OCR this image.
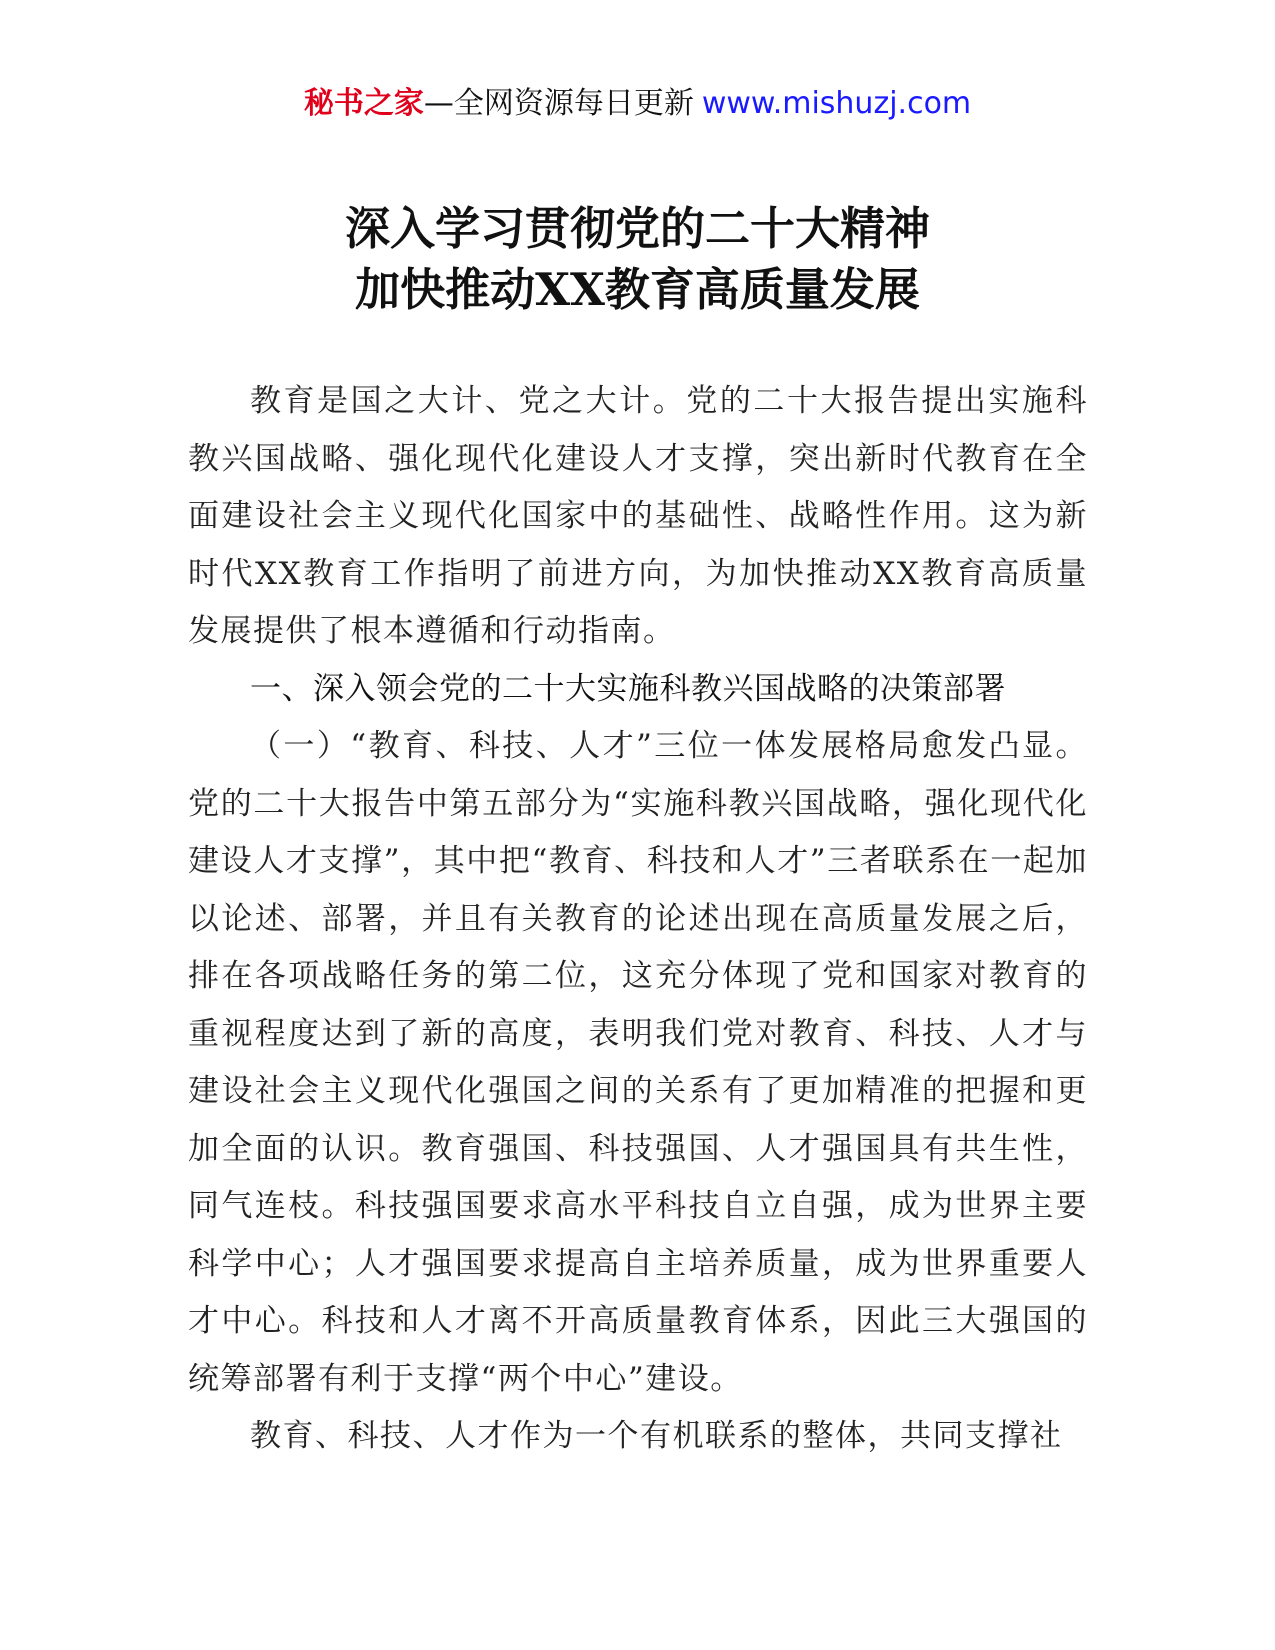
秘书之家—全网资源每日更新 www.mishuzj.com
深入学习贯彻党的二十大精神
加快推动XX教育高质量发展

教育是国之大计、党之大计。党的二十大报告提出实施科教兴国战略、强化现代化建设人才支撑，突出新时代教育在全面建设社会主义现代化国家中的基础性、战略性作用。这为新时代XX教育工作指明了前进方向，为加快推动XX教育高质量发展提供了根本遵循和行动指南。

一、深入领会党的二十大实施科教兴国战略的决策部署

（一）“教育、科技、人才”三位一体发展格局愈发凸显。党的二十大报告中第五部分为“实施科教兴国战略，强化现代化建设人才支撑”，其中把“教育、科技和人才”三者联系在一起加以论述、部署，并且有关教育的论述出现在高质量发展之后，排在各项战略任务的第二位，这充分体现了党和国家对教育的重视程度达到了新的高度，表明我们党对教育、科技、人才与建设社会主义现代化强国之间的关系有了更加精准的把握和更加全面的认识。教育强国、科技强国、人才强国具有共生性，同气连枝。科技强国要求高水平科技自立自强，成为世界主要科学中心；人才强国要求提高自主培养质量，成为世界重要人才中心。科技和人才离不开高质量教育体系，因此三大强国的统筹部署有利于支撑“两个中心”建设。

教育、科技、人才作为一个有机联系的整体，共同支撑社
